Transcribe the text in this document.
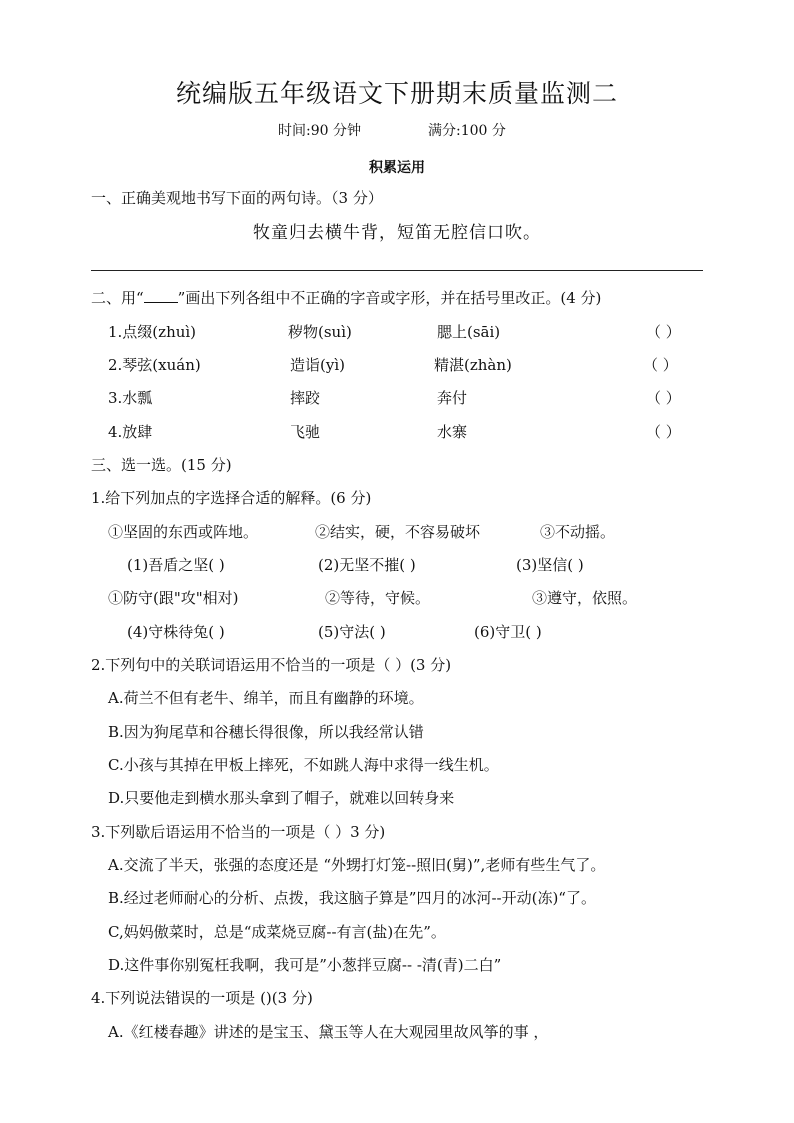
统编版五年级语文下册期末质量监测二
时间:90 分钟	满分:100 分
积累运用
一、正确美观地书写下面的两句诗。（3 分）
牧童归去横牛背，短笛无腔信口吹。
二、用“ ”画出下列各组中不正确的字音或字形，并在括号里改正。(4 分)
1.点缀(zhuì)	秽物(suì)	腮上(sāi)	（ ）
2.琴弦(xuán)	造诣(yì)	精湛(zhàn)	（ ）
3.水瓢	摔跤	奔付	（ ）
4.放肆	飞驰	水寨	（ ）
三、选一选。(15 分)
1.给下列加点的字选择合适的解释。(6 分)
①坚固的东西或阵地。	②结实，硬，不容易破坏	③不动摇。
(1)吾盾之坚( )	(2)无坚不摧( )	(3)坚信( )
①防守(跟"攻"相对)	②等待，守候。	③遵守，依照。
(4)守株待兔( )	(5)守法( )	(6)守卫( )
2.下列句中的关联词语运用不恰当的一项是（ ）(3 分)
A.荷兰不但有老牛、绵羊，而且有幽静的环境。
B.因为狗尾草和谷穗长得很像，所以我经常认错
C.小孩与其掉在甲板上摔死，不如跳人海中求得一线生机。
D.只要他走到横水那头拿到了帽子，就难以回转身来
3.下列歇后语运用不恰当的一项是（ ）3 分)
A.交流了半天，张强的态度还是 “外甥打灯笼--照旧(舅)”,老师有些生气了。
B.经过老师耐心的分析、点拨，我这脑子算是”四月的冰河--开动(冻)“了。
C,妈妈傲菜时，总是“成菜烧豆腐--有言(盐)在先”。
D.这件事你别冤枉我啊，我可是”小葱拌豆腐-- -清(青)二白”
4.下列说法错误的一项是 ()(3 分)
A.《红楼春趣》讲述的是宝玉、黛玉等人在大观园里故风筝的事 ，
